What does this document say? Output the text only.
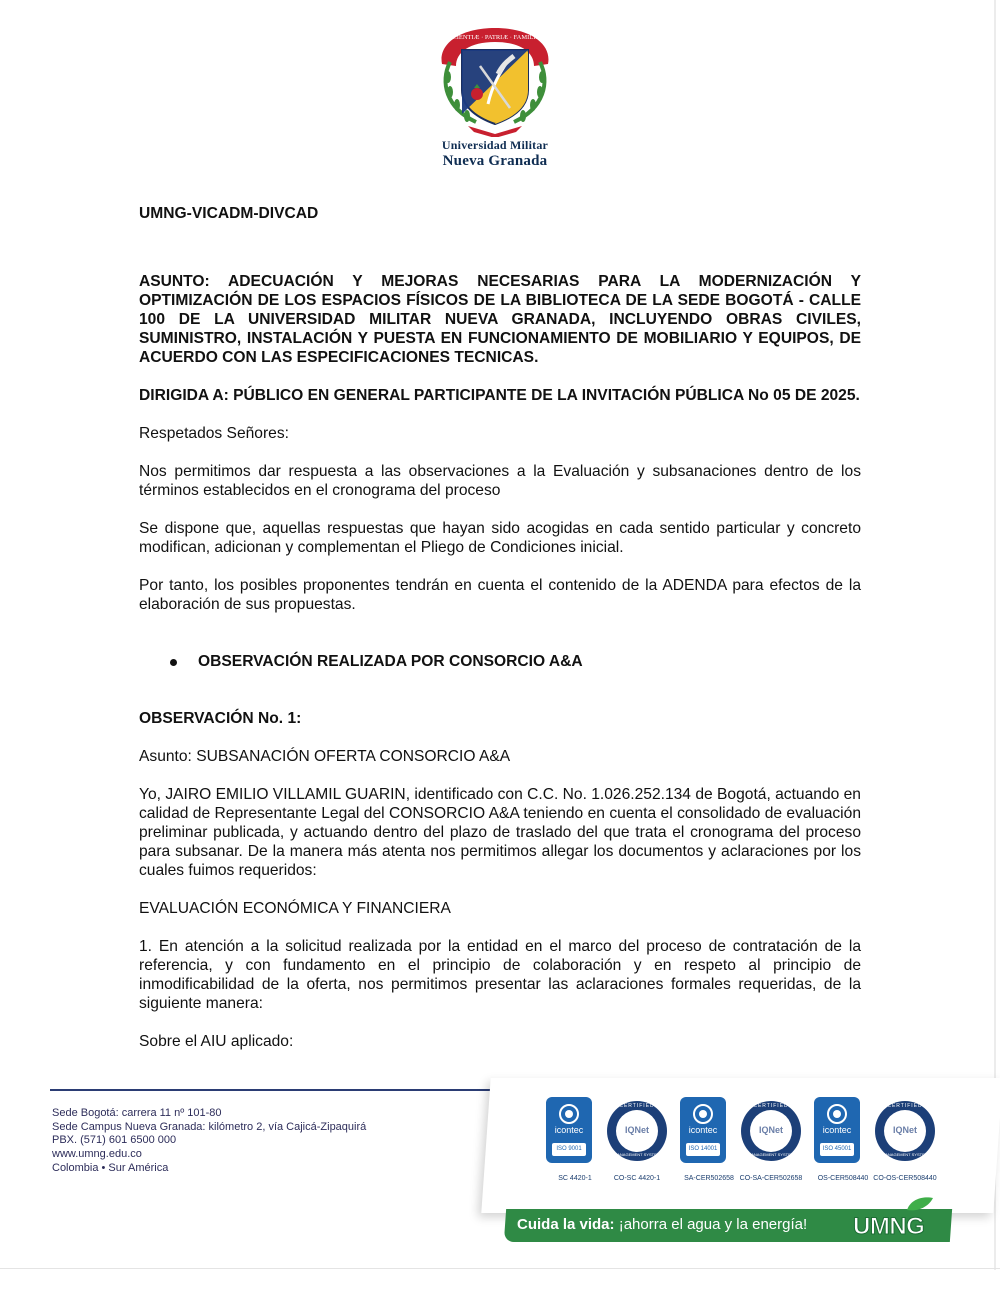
SCIENTIÆ · PATRIÆ · FAMILIÆ
Universidad Militar
Nueva Granada

UMNG-VICADM-DIVCAD

ASUNTO: ADECUACIÓN Y MEJORAS NECESARIAS PARA LA MODERNIZACIÓN Y OPTIMIZACIÓN DE LOS ESPACIOS FÍSICOS DE LA BIBLIOTECA DE LA SEDE BOGOTÁ - CALLE 100 DE LA UNIVERSIDAD MILITAR NUEVA GRANADA, INCLUYENDO OBRAS CIVILES, SUMINISTRO, INSTALACIÓN Y PUESTA EN FUNCIONAMIENTO DE MOBILIARIO Y EQUIPOS, DE ACUERDO CON LAS ESPECIFICACIONES TECNICAS.

DIRIGIDA A: PÚBLICO EN GENERAL PARTICIPANTE DE LA INVITACIÓN PÚBLICA No 05 DE 2025.

Respetados Señores:

Nos permitimos dar respuesta a las observaciones a la Evaluación y subsanaciones dentro de los términos establecidos en el cronograma del proceso

Se dispone que, aquellas respuestas que hayan sido acogidas en cada sentido particular y concreto modifican, adicionan y complementan el Pliego de Condiciones inicial.

Por tanto, los posibles proponentes tendrán en cuenta el contenido de la ADENDA para efectos de la elaboración de sus propuestas.

OBSERVACIÓN REALIZADA POR CONSORCIO A&A

OBSERVACIÓN No. 1:

Asunto: SUBSANACIÓN OFERTA CONSORCIO A&A

Yo, JAIRO EMILIO VILLAMIL GUARIN, identificado con C.C. No. 1.026.252.134 de Bogotá, actuando en calidad de Representante Legal del CONSORCIO A&A teniendo en cuenta el consolidado de evaluación preliminar publicada, y actuando dentro del plazo de traslado del que trata el cronograma del proceso para subsanar. De la manera más atenta nos permitimos allegar los documentos y aclaraciones por los cuales fuimos requeridos:

EVALUACIÓN ECONÓMICA Y FINANCIERA

1. En atención a la solicitud realizada por la entidad en el marco del proceso de contratación de la referencia, y con fundamento en el principio de colaboración y en respeto al principio de inmodificabilidad de la oferta, nos permitimos presentar las aclaraciones formales requeridas, de la siguiente manera:

Sobre el AIU aplicado:

Sede Bogotá: carrera 11 nº 101-80
Sede Campus Nueva Granada: kilómetro 2, vía Cajicá-Zipaquirá
PBX. (571) 601 6500 000
www.umng.edu.co
Colombia • Sur América
icontec
ISO 9001
SC 4420-1
CERTIFIED
IQNet
MANAGEMENT SYSTEM
CO-SC 4420-1
icontec
ISO 14001
SA-CER502658
CERTIFIED
IQNet
MANAGEMENT SYSTEM
CO-SA-CER502658
icontec
ISO 45001
OS-CER508440
CERTIFIED
IQNet
MANAGEMENT SYSTEM
CO-OS-CER508440
Cuida la vida: ¡ahorra el agua y la energía! UMNG
